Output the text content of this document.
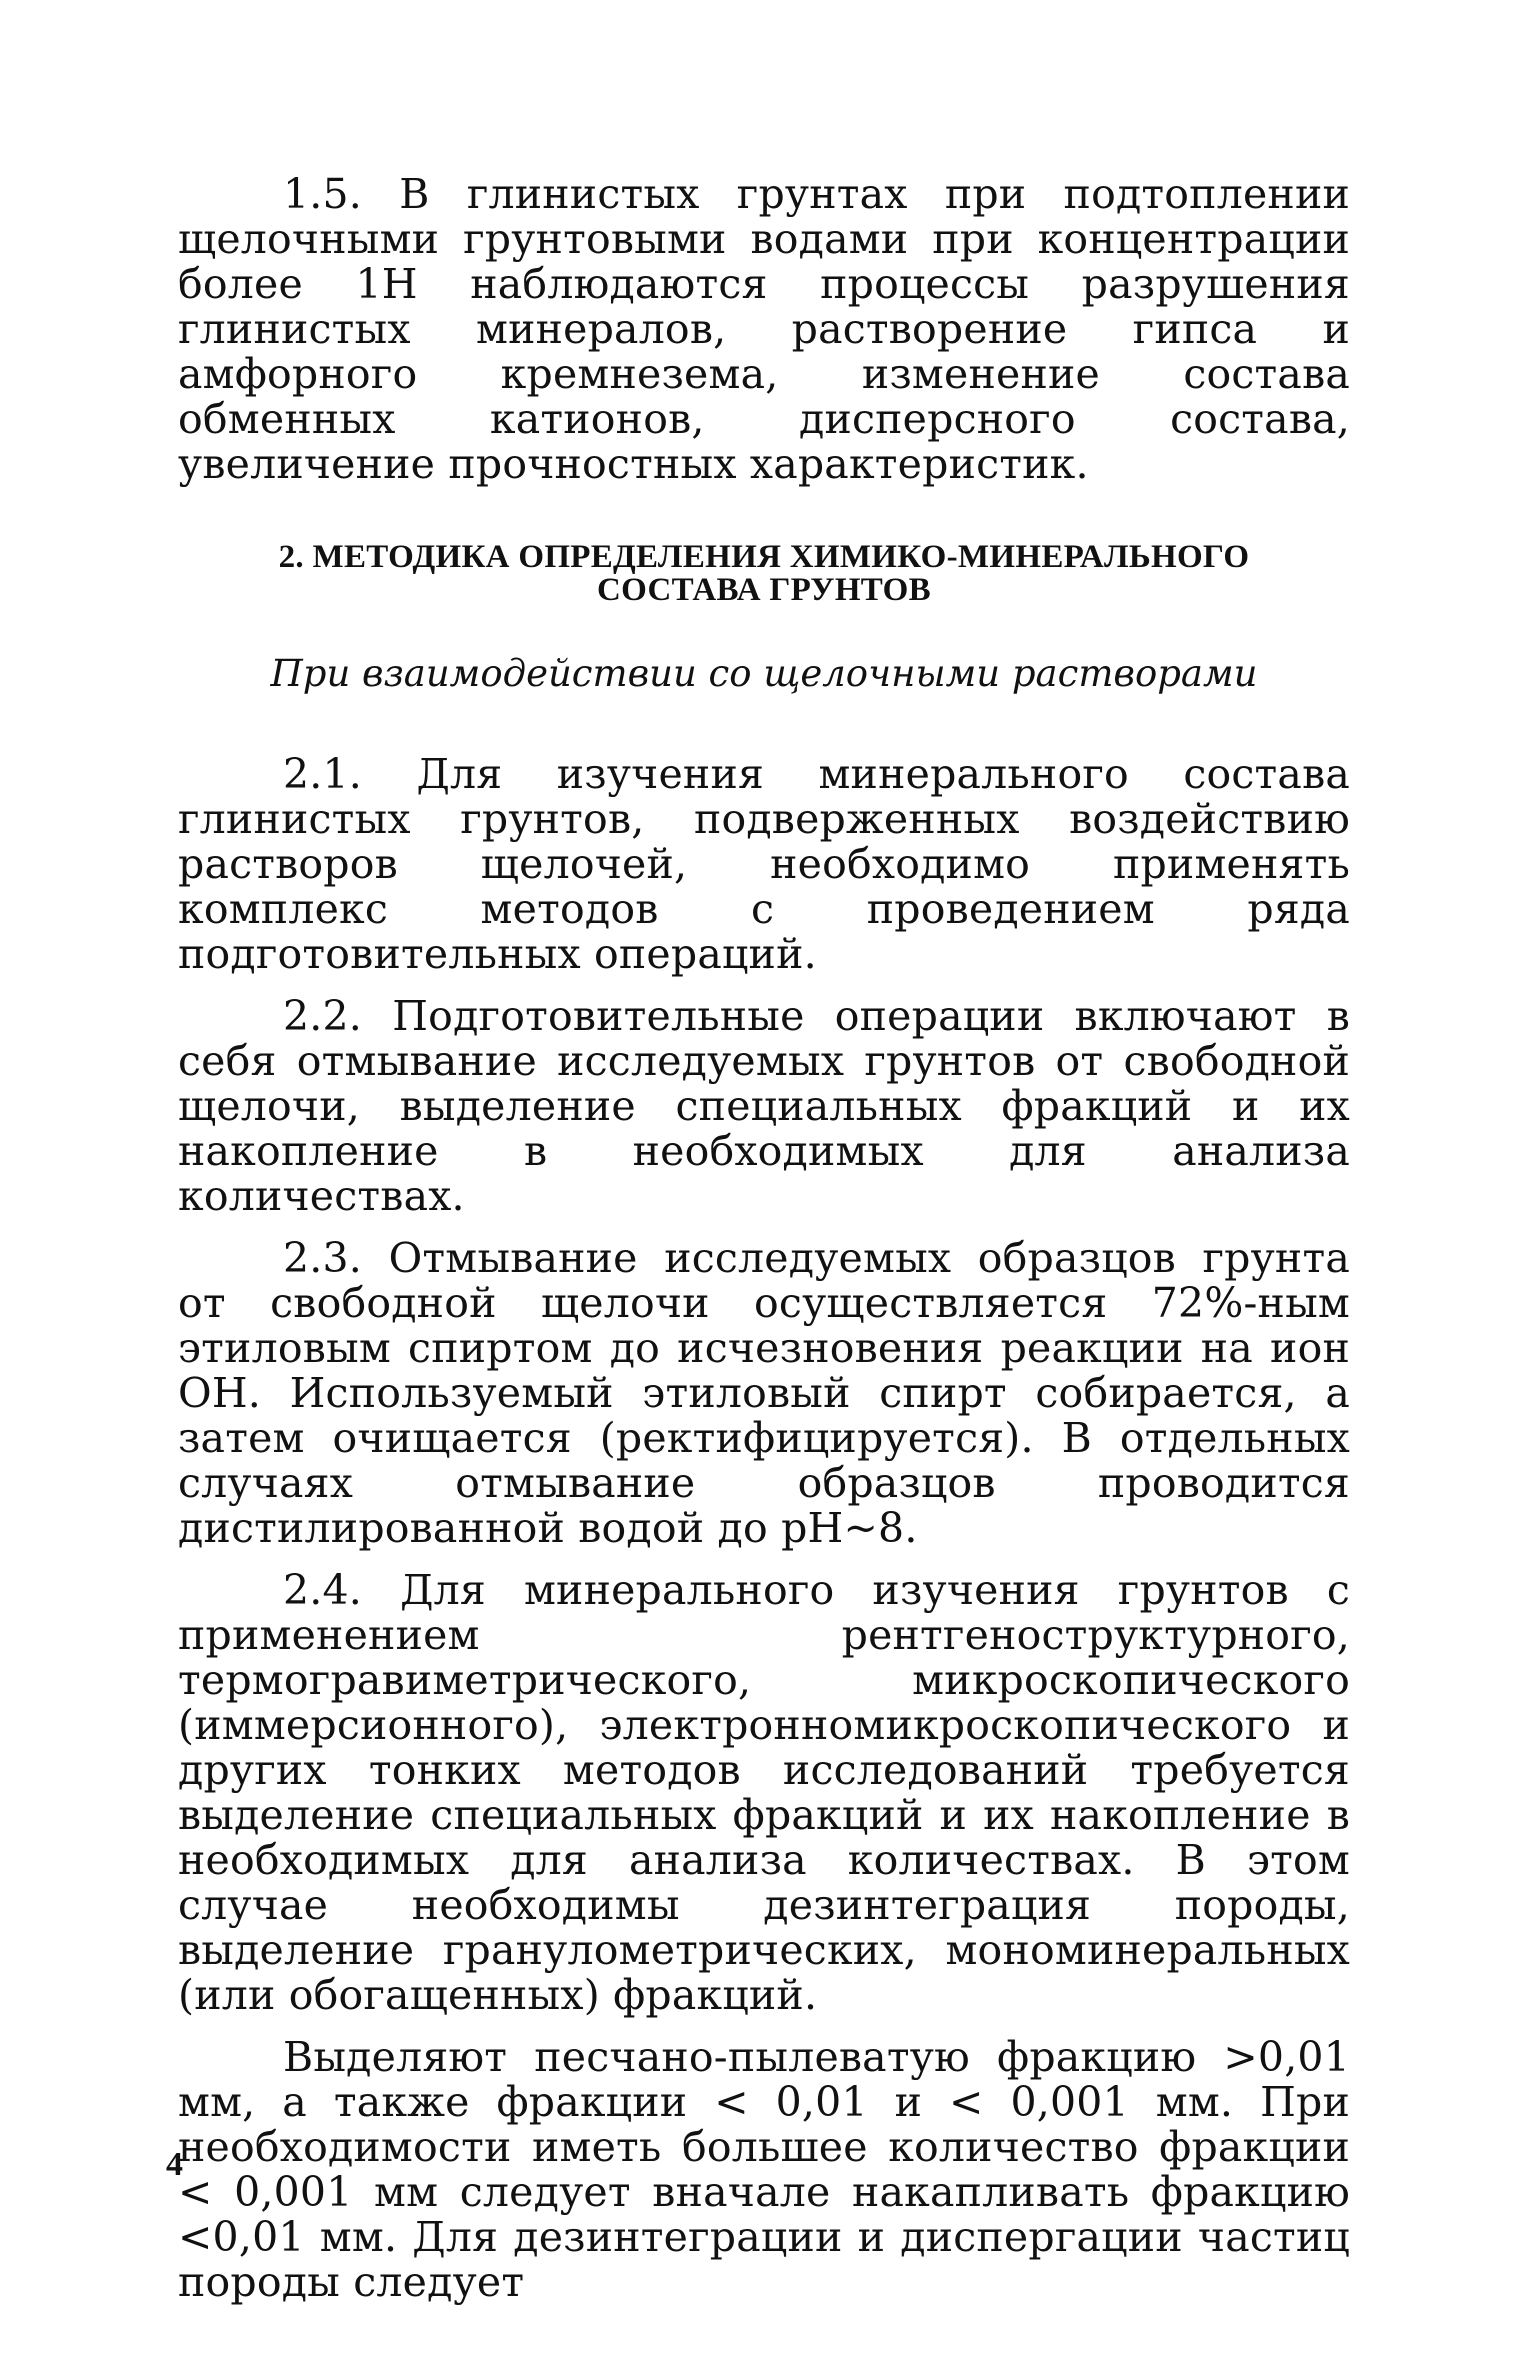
1.5. В глинистых грунтах при подтоплении щелочными грунтовыми водами при концентрации более 1Н наблюдаются процессы разрушения глинистых минералов, растворение гипса и амфорного кремнезема, изменение состава обменных катионов, дисперсного состава, увеличение прочностных характеристик.

2. МЕТОДИКА ОПРЕДЕЛЕНИЯ ХИМИКО-МИНЕРАЛЬНОГО
СОСТАВА ГРУНТОВ
При взаимодействии со щелочными растворами

2.1. Для изучения минерального состава глинистых грунтов, подверженных воздействию растворов щелочей, необходимо применять комплекс методов с проведением ряда подготовительных операций.

2.2. Подготовительные операции включают в себя отмывание исследуемых грунтов от свободной щелочи, выделение специальных фракций и их накопление в необходимых для анализа количествах.

2.3. Отмывание исследуемых образцов грунта от свободной щелочи осуществляется 72%-ным этиловым спиртом до исчезновения реакции на ион ОН. Используемый этиловый спирт собирается, а затем очищается (ректифицируется). В отдельных случаях отмывание образцов проводится дистилированной водой до pH~8.

2.4. Для минерального изучения грунтов с применением рентгеноструктурного, термогравиметрического, микроскопического (иммерсионного), электронномикроскопического и других тонких методов исследований требуется выделение специальных фракций и их накопление в необходимых для анализа количествах. В этом случае необходимы дезинтеграция породы, выделение гранулометрических, мономинеральных (или обогащенных) фракций.

Выделяют песчано-пылеватую фракцию >0,01 мм, а также фракции < 0,01 и < 0,001 мм. При необходимости иметь большее количество фракции < 0,001 мм следует вначале накапливать фракцию <0,01 мм. Для дезинтеграции и диспергации частиц породы следует

4
